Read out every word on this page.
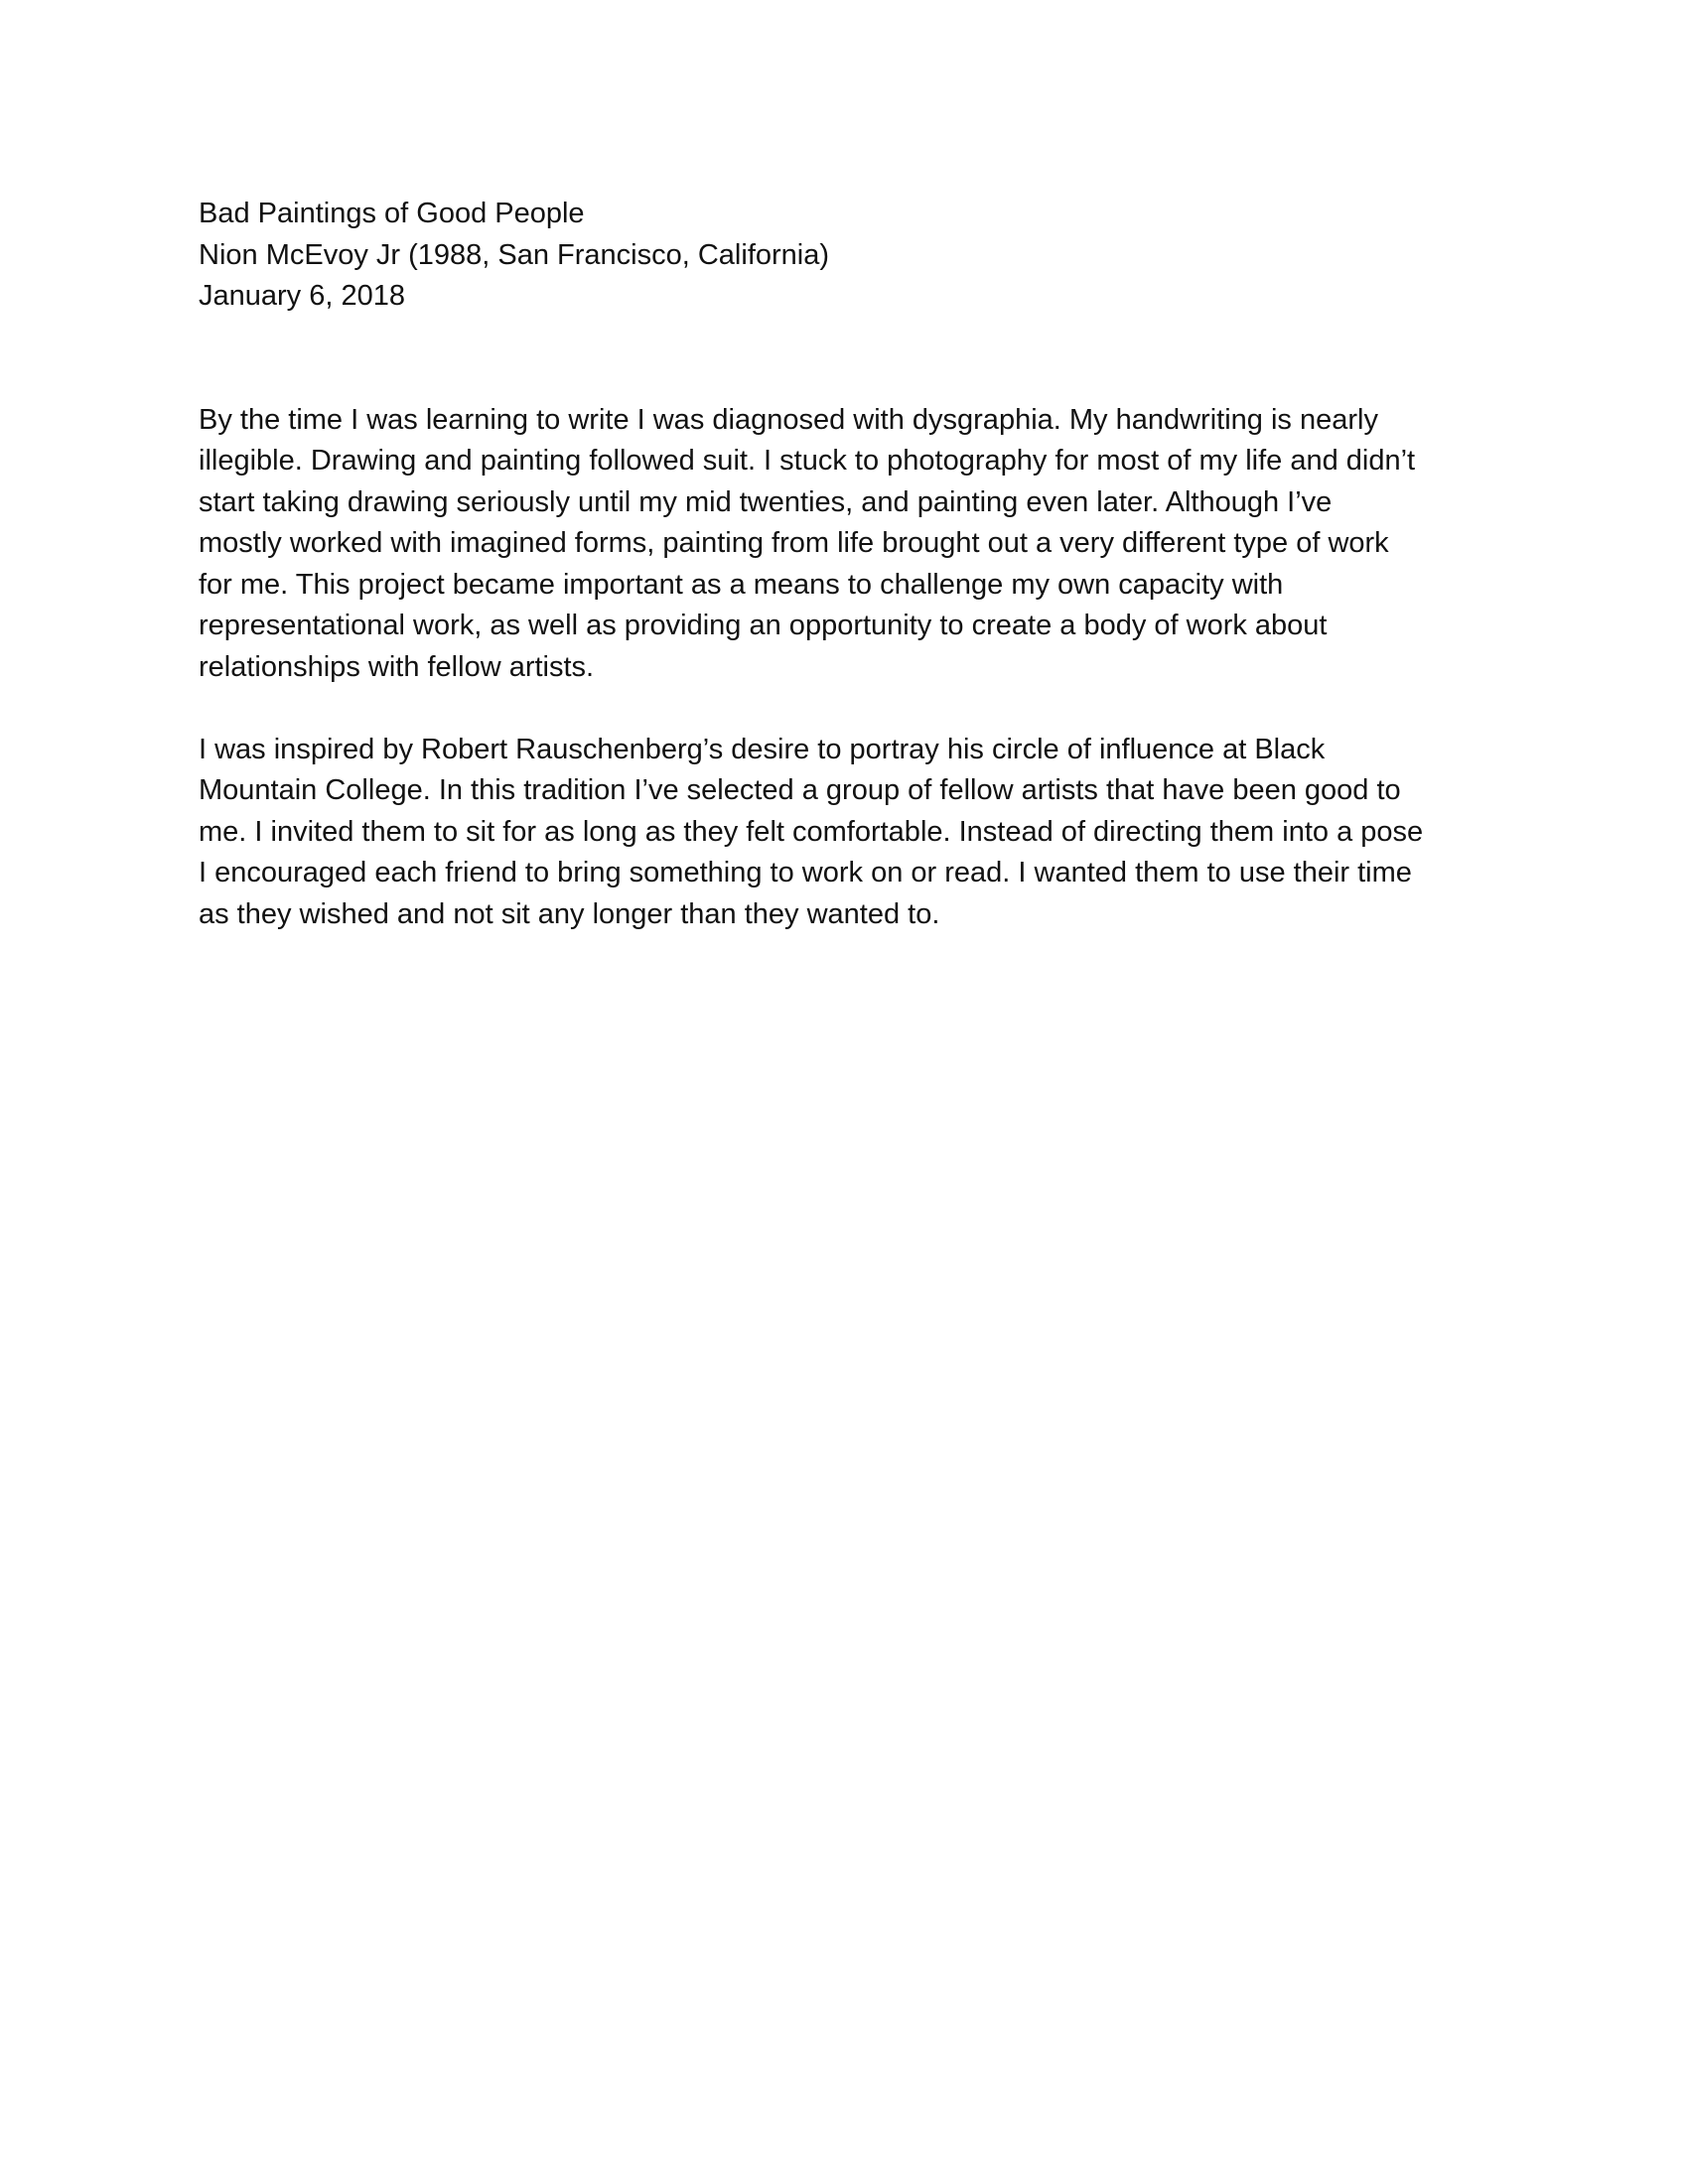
Bad Paintings of Good People
Nion McEvoy Jr (1988, San Francisco, California)
January 6, 2018
By the time I was learning to write I was diagnosed with dysgraphia. My handwriting is nearly
illegible. Drawing and painting followed suit. I stuck to photography for most of my life and didn’t
start taking drawing seriously until my mid twenties, and painting even later. Although I’ve
mostly worked with imagined forms, painting from life brought out a very different type of work
for me. This project became important as a means to challenge my own capacity with
representational work, as well as providing an opportunity to create a body of work about
relationships with fellow artists.
I was inspired by Robert Rauschenberg’s desire to portray his circle of influence at Black
Mountain College. In this tradition I’ve selected a group of fellow artists that have been good to
me. I invited them to sit for as long as they felt comfortable. Instead of directing them into a pose
I encouraged each friend to bring something to work on or read. I wanted them to use their time
as they wished and not sit any longer than they wanted to.
